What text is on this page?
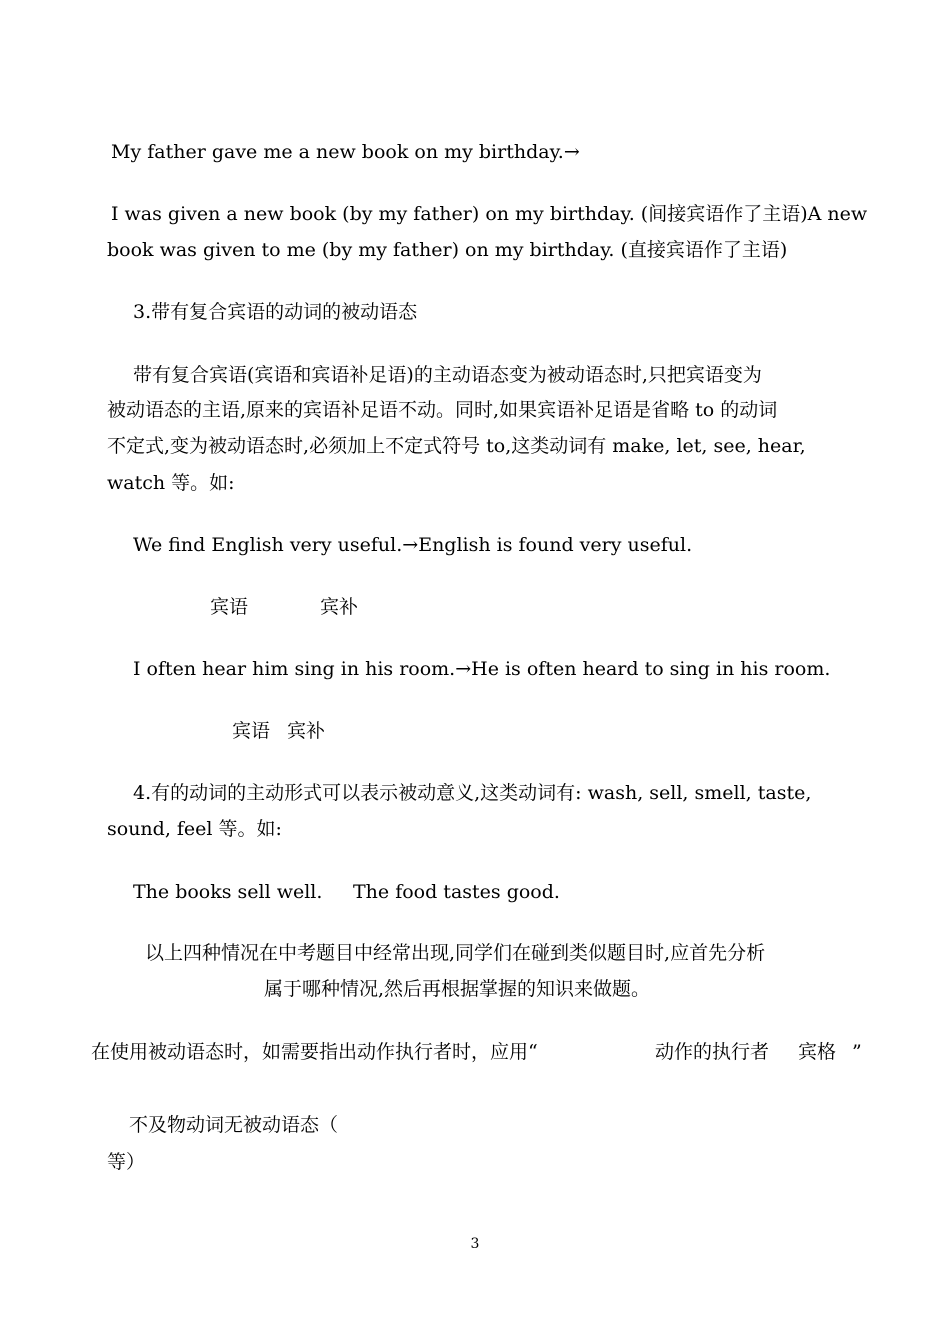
My father gave me a new book on my birthday.→
I was given a new book (by my father) on my birthday. (间接宾语作了主语)A new
book was given to me (by my father) on my birthday. (直接宾语作了主语)
3.带有复合宾语的动词的被动语态
带有复合宾语(宾语和宾语补足语)的主动语态变为被动语态时,只把宾语变为
被动语态的主语,原来的宾语补足语不动。同时,如果宾语补足语是省略 to 的动词
不定式,变为被动语态时,必须加上不定式符号 to,这类动词有 make, let, see, hear,
watch 等。如:
We find English very useful.→English is found very useful.
宾语	宾补
I often hear him sing in his room.→He is often heard to sing in his room.
宾语 宾补
4.有的动词的主动形式可以表示被动意义,这类动词有: wash, sell, smell, taste,
sound, feel 等。如:
The books sell well. The food tastes good.
以上四种情况在中考题目中经常出现,同学们在碰到类似题目时,应首先分析
属于哪种情况,然后再根据掌握的知识来做题。
在使用被动语态时，如需要指出动作执行者时，应用“	动作的执行者 宾格 ”
不及物动词无被动语态（
等）
3
